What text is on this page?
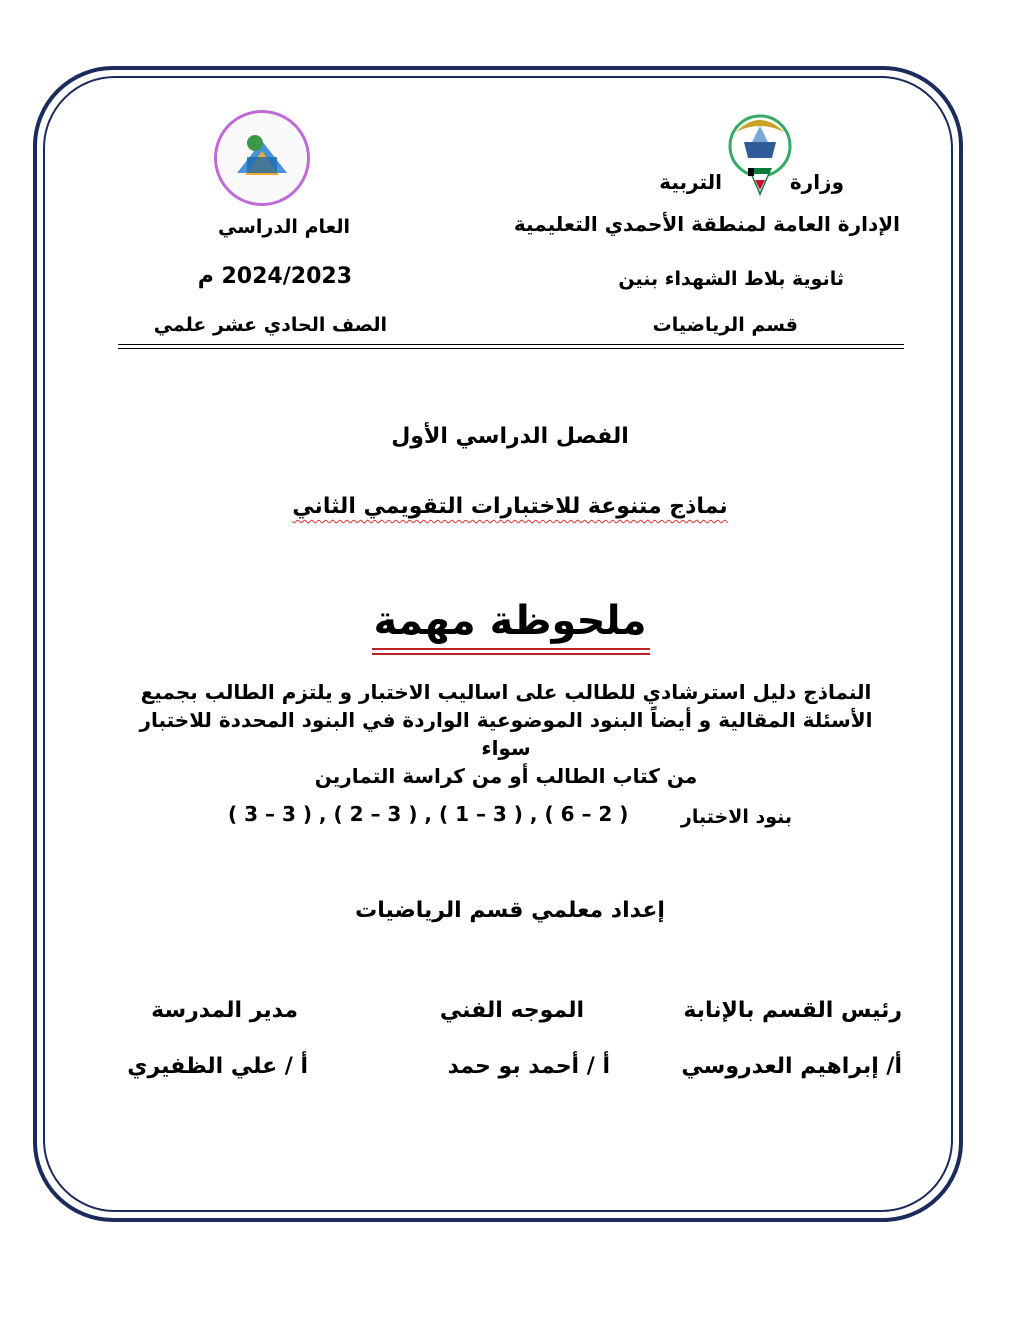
وزارة
التربية
الإدارة العامة لمنطقة الأحمدي التعليمية
ثانوية بلاط الشهداء بنين
قسم الرياضيات
العام الدراسي
2024/2023 م
الصف الحادي عشر علمي
الفصل الدراسي الأول
نماذج متنوعة للاختبارات التقويمي الثاني
ملحوظة مهمة
النماذج دليل استرشادي للطالب على اساليب الاختبار و يلتزم الطالب بجميع
الأسئلة المقالية و أيضاً البنود الموضوعية الواردة في البنود المحددة للاختبار سواء
من كتاب الطالب أو من كراسة التمارين
بنود الاختبار
( 3 – 3 ) , ( 2 – 3 ) , ( 1 – 3 ) , ( 6 – 2 )
إعداد معلمي قسم الرياضيات
رئيس القسم بالإنابة
أ/ إبراهيم العدروسي
الموجه الفني
أ / أحمد بو حمد
مدير المدرسة
أ / علي الظفيري
